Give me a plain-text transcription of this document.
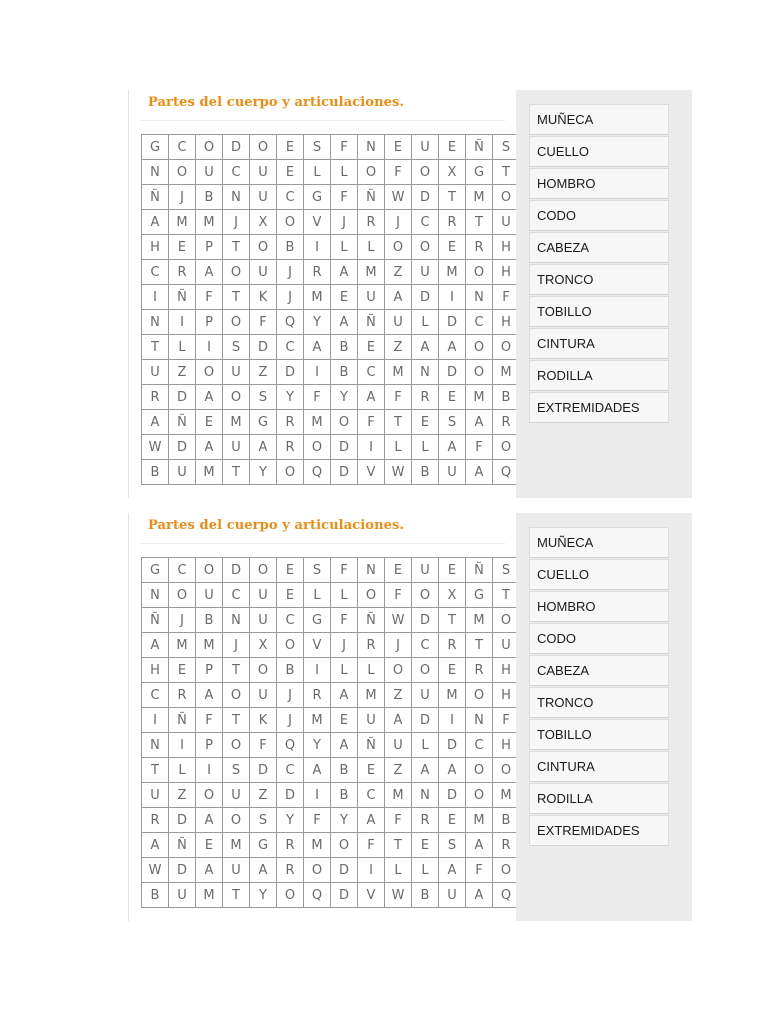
Partes del cuerpo y articulaciones.
G	C	O	D	O	E	S	F	N	E	U	E	Ñ	S
N	O	U	C	U	E	L	L	O	F	O	X	G	T
Ñ	J	B	N	U	C	G	F	Ñ	W	D	T	M	O
A	M	M	J	X	O	V	J	R	J	C	R	T	U
H	E	P	T	O	B	I	L	L	O	O	E	R	H
C	R	A	O	U	J	R	A	M	Z	U	M	O	H
I	Ñ	F	T	K	J	M	E	U	A	D	I	N	F
N	I	P	O	F	Q	Y	A	Ñ	U	L	D	C	H
T	L	I	S	D	C	A	B	E	Z	A	A	O	O
U	Z	O	U	Z	D	I	B	C	M	N	D	O	M
R	D	A	O	S	Y	F	Y	A	F	R	E	M	B
A	Ñ	E	M	G	R	M	O	F	T	E	S	A	R
W	D	A	U	A	R	O	D	I	L	L	A	F	O
B	U	M	T	Y	O	Q	D	V	W	B	U	A	Q
MUÑECA
CUELLO
HOMBRO
CODO
CABEZA
TRONCO
TOBILLO
CINTURA
RODILLA
EXTREMIDADES
Partes del cuerpo y articulaciones.
G	C	O	D	O	E	S	F	N	E	U	E	Ñ	S
N	O	U	C	U	E	L	L	O	F	O	X	G	T
Ñ	J	B	N	U	C	G	F	Ñ	W	D	T	M	O
A	M	M	J	X	O	V	J	R	J	C	R	T	U
H	E	P	T	O	B	I	L	L	O	O	E	R	H
C	R	A	O	U	J	R	A	M	Z	U	M	O	H
I	Ñ	F	T	K	J	M	E	U	A	D	I	N	F
N	I	P	O	F	Q	Y	A	Ñ	U	L	D	C	H
T	L	I	S	D	C	A	B	E	Z	A	A	O	O
U	Z	O	U	Z	D	I	B	C	M	N	D	O	M
R	D	A	O	S	Y	F	Y	A	F	R	E	M	B
A	Ñ	E	M	G	R	M	O	F	T	E	S	A	R
W	D	A	U	A	R	O	D	I	L	L	A	F	O
B	U	M	T	Y	O	Q	D	V	W	B	U	A	Q
MUÑECA
CUELLO
HOMBRO
CODO
CABEZA
TRONCO
TOBILLO
CINTURA
RODILLA
EXTREMIDADES
